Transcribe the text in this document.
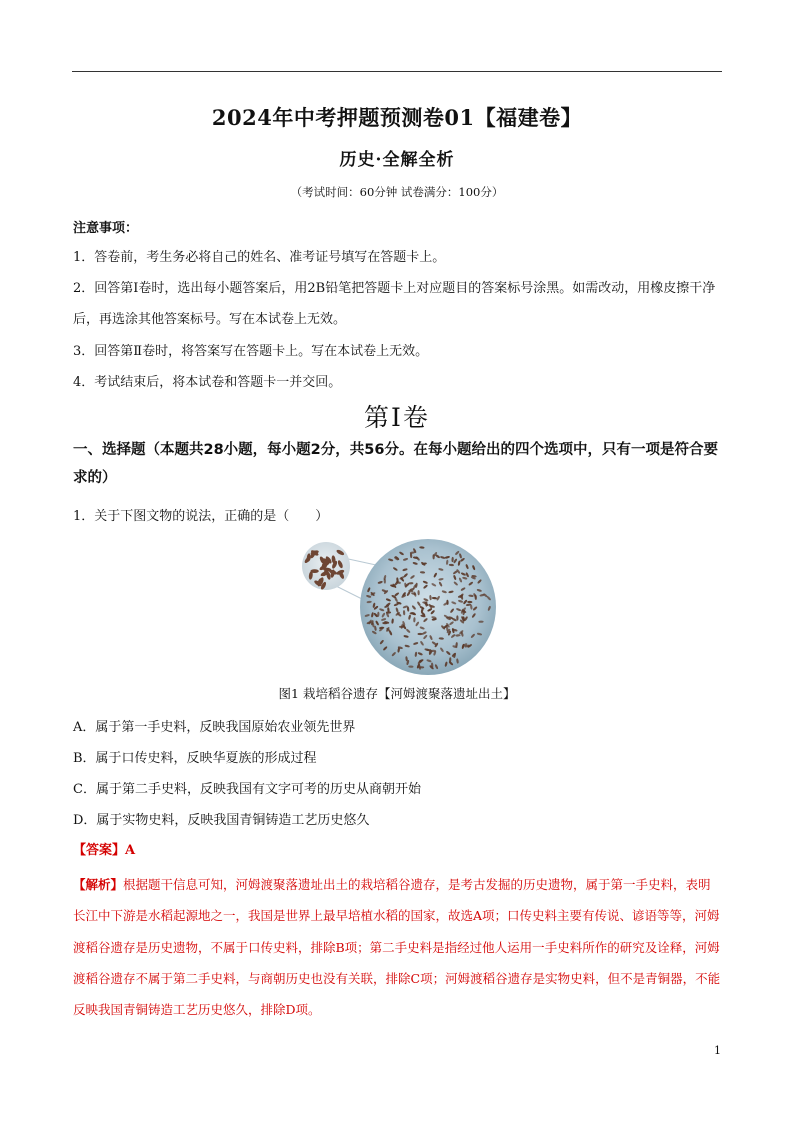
2024年中考押题预测卷01【福建卷】
历史·全解全析
（考试时间：60分钟 试卷满分：100分）
注意事项：
1．答卷前，考生务必将自己的姓名、准考证号填写在答题卡上。
2．回答第Ⅰ卷时，选出每小题答案后，用2B铅笔把答题卡上对应题目的答案标号涂黑。如需改动，用橡皮擦干净后，再选涂其他答案标号。写在本试卷上无效。
3．回答第Ⅱ卷时，将答案写在答题卡上。写在本试卷上无效。
4．考试结束后，将本试卷和答题卡一并交回。
第Ⅰ卷
一、选择题（本题共28小题，每小题2分，共56分。在每小题给出的四个选项中，只有一项是符合要求的）
1．关于下图文物的说法，正确的是（　　）
图1 栽培稻谷遗存【河姆渡聚落遗址出土】
A．属于第一手史料，反映我国原始农业领先世界
B．属于口传史料，反映华夏族的形成过程
C．属于第二手史料，反映我国有文字可考的历史从商朝开始
D．属于实物史料，反映我国青铜铸造工艺历史悠久
【答案】A
【解析】根据题干信息可知，河姆渡聚落遗址出土的栽培稻谷遗存，是考古发掘的历史遗物，属于第一手史料，表明长江中下游是水稻起源地之一，我国是世界上最早培植水稻的国家，故选A项；口传史料主要有传说、谚语等等，河姆渡稻谷遗存是历史遗物，不属于口传史料，排除B项；第二手史料是指经过他人运用一手史料所作的研究及诠释，河姆渡稻谷遗存不属于第二手史料，与商朝历史也没有关联，排除C项；河姆渡稻谷遗存是实物史料，但不是青铜器，不能反映我国青铜铸造工艺历史悠久，排除D项。
1
